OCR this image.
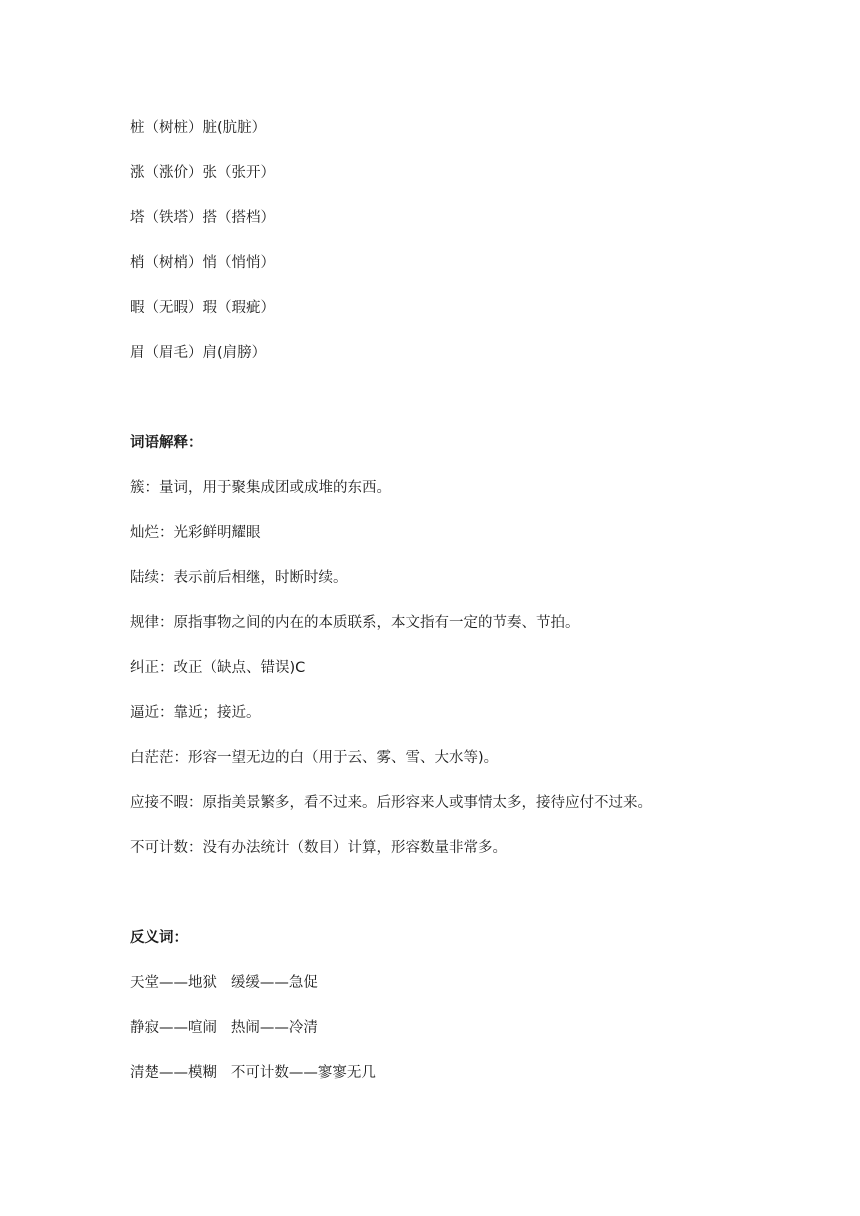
桩（树桩）脏(肮脏）
涨（涨价）张（张开）
塔（铁塔）搭（搭档）
梢（树梢）悄（悄悄）
暇（无暇）瑕（瑕疵）
眉（眉毛）肩(肩膀）
词语解释：
簇：量词，用于聚集成团或成堆的东西。
灿烂：光彩鲜明耀眼
陆续：表示前后相继，时断时续。
规律：原指事物之间的内在的本质联系，本文指有一定的节奏、节拍。
纠正：改正（缺点、错误)C
逼近：靠近；接近。
白茫茫：形容一望无边的白（用于云、雾、雪、大水等)。
应接不暇：原指美景繁多，看不过来。后形容来人或事情太多，接待应付不过来。
不可计数：没有办法统计（数目）计算，形容数量非常多。
反义词：
天堂——地狱   缓缓——急促
静寂——喧闹   热闹——冷清
清楚——模糊   不可计数——寥寥无几
